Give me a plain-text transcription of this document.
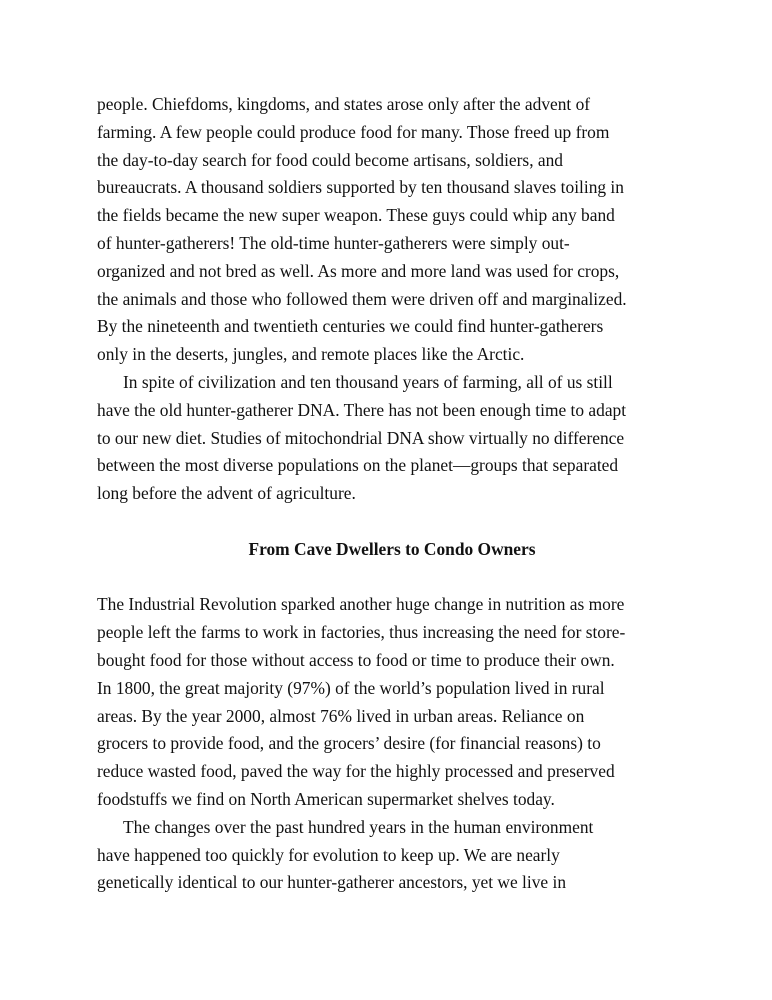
people. Chiefdoms, kingdoms, and states arose only after the advent of
farming. A few people could produce food for many. Those freed up from
the day-to-day search for food could become artisans, soldiers, and
bureaucrats. A thousand soldiers supported by ten thousand slaves toiling in
the fields became the new super weapon. These guys could whip any band
of hunter-gatherers! The old-time hunter-gatherers were simply out-
organized and not bred as well. As more and more land was used for crops,
the animals and those who followed them were driven off and marginalized.
By the nineteenth and twentieth centuries we could find hunter-gatherers
only in the deserts, jungles, and remote places like the Arctic.
In spite of civilization and ten thousand years of farming, all of us still
have the old hunter-gatherer DNA. There has not been enough time to adapt
to our new diet. Studies of mitochondrial DNA show virtually no difference
between the most diverse populations on the planet—groups that separated
long before the advent of agriculture.
From Cave Dwellers to Condo Owners
The Industrial Revolution sparked another huge change in nutrition as more
people left the farms to work in factories, thus increasing the need for store-
bought food for those without access to food or time to produce their own.
In 1800, the great majority (97%) of the world’s population lived in rural
areas. By the year 2000, almost 76% lived in urban areas. Reliance on
grocers to provide food, and the grocers’ desire (for financial reasons) to
reduce wasted food, paved the way for the highly processed and preserved
foodstuffs we find on North American supermarket shelves today.
The changes over the past hundred years in the human environment
have happened too quickly for evolution to keep up. We are nearly
genetically identical to our hunter-gatherer ancestors, yet we live in
